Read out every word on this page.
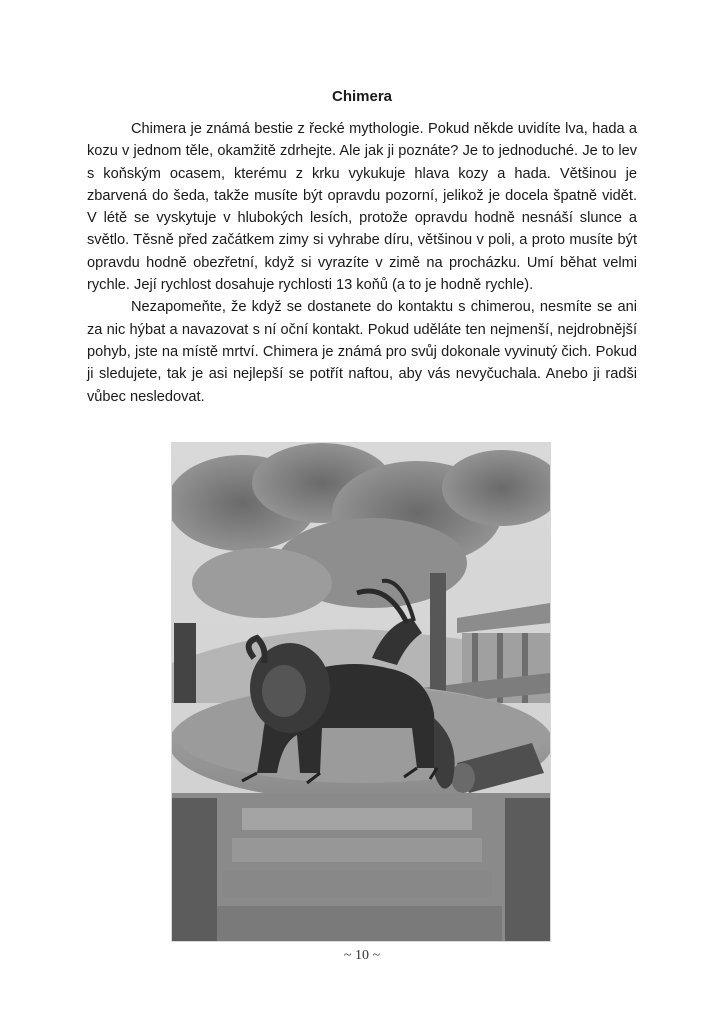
Chimera

Chimera je známá bestie z řecké mythologie. Pokud někde uvidíte lva, hada a kozu v jednom těle, okamžitě zdrhejte. Ale jak ji poznáte? Je to jednoduché. Je to lev s koňským ocasem, kterému z krku vykukuje hlava kozy a hada. Většinou je zbarvená do šeda, takže musíte být opravdu pozorní, jelikož je docela špatně vidět. V létě se vyskytuje v hlubokých lesích, protože opravdu hodně nesnáší slunce a světlo. Těsně před začátkem zimy si vyhrabe díru, většinou v poli, a proto musíte být opravdu hodně obezřetní, když si vyrazíte v zimě na procházku. Umí běhat velmi rychle. Její rychlost dosahuje rychlosti 13 koňů (a to je hodně rychle).

Nezapomeňte, že když se dostanete do kontaktu s chimerou, nesmíte se ani za nic hýbat a navazovat s ní oční kontakt. Pokud uděláte ten nejmenší, nejdrobnější pohyb, jste na místě mrtví. Chimera je známá pro svůj dokonale vyvinutý čich. Pokud ji sledujete, tak je asi nejlepší se potřít naftou, aby vás nevyčuchala. Anebo ji radši vůbec nesledovat.

~ 10 ~
